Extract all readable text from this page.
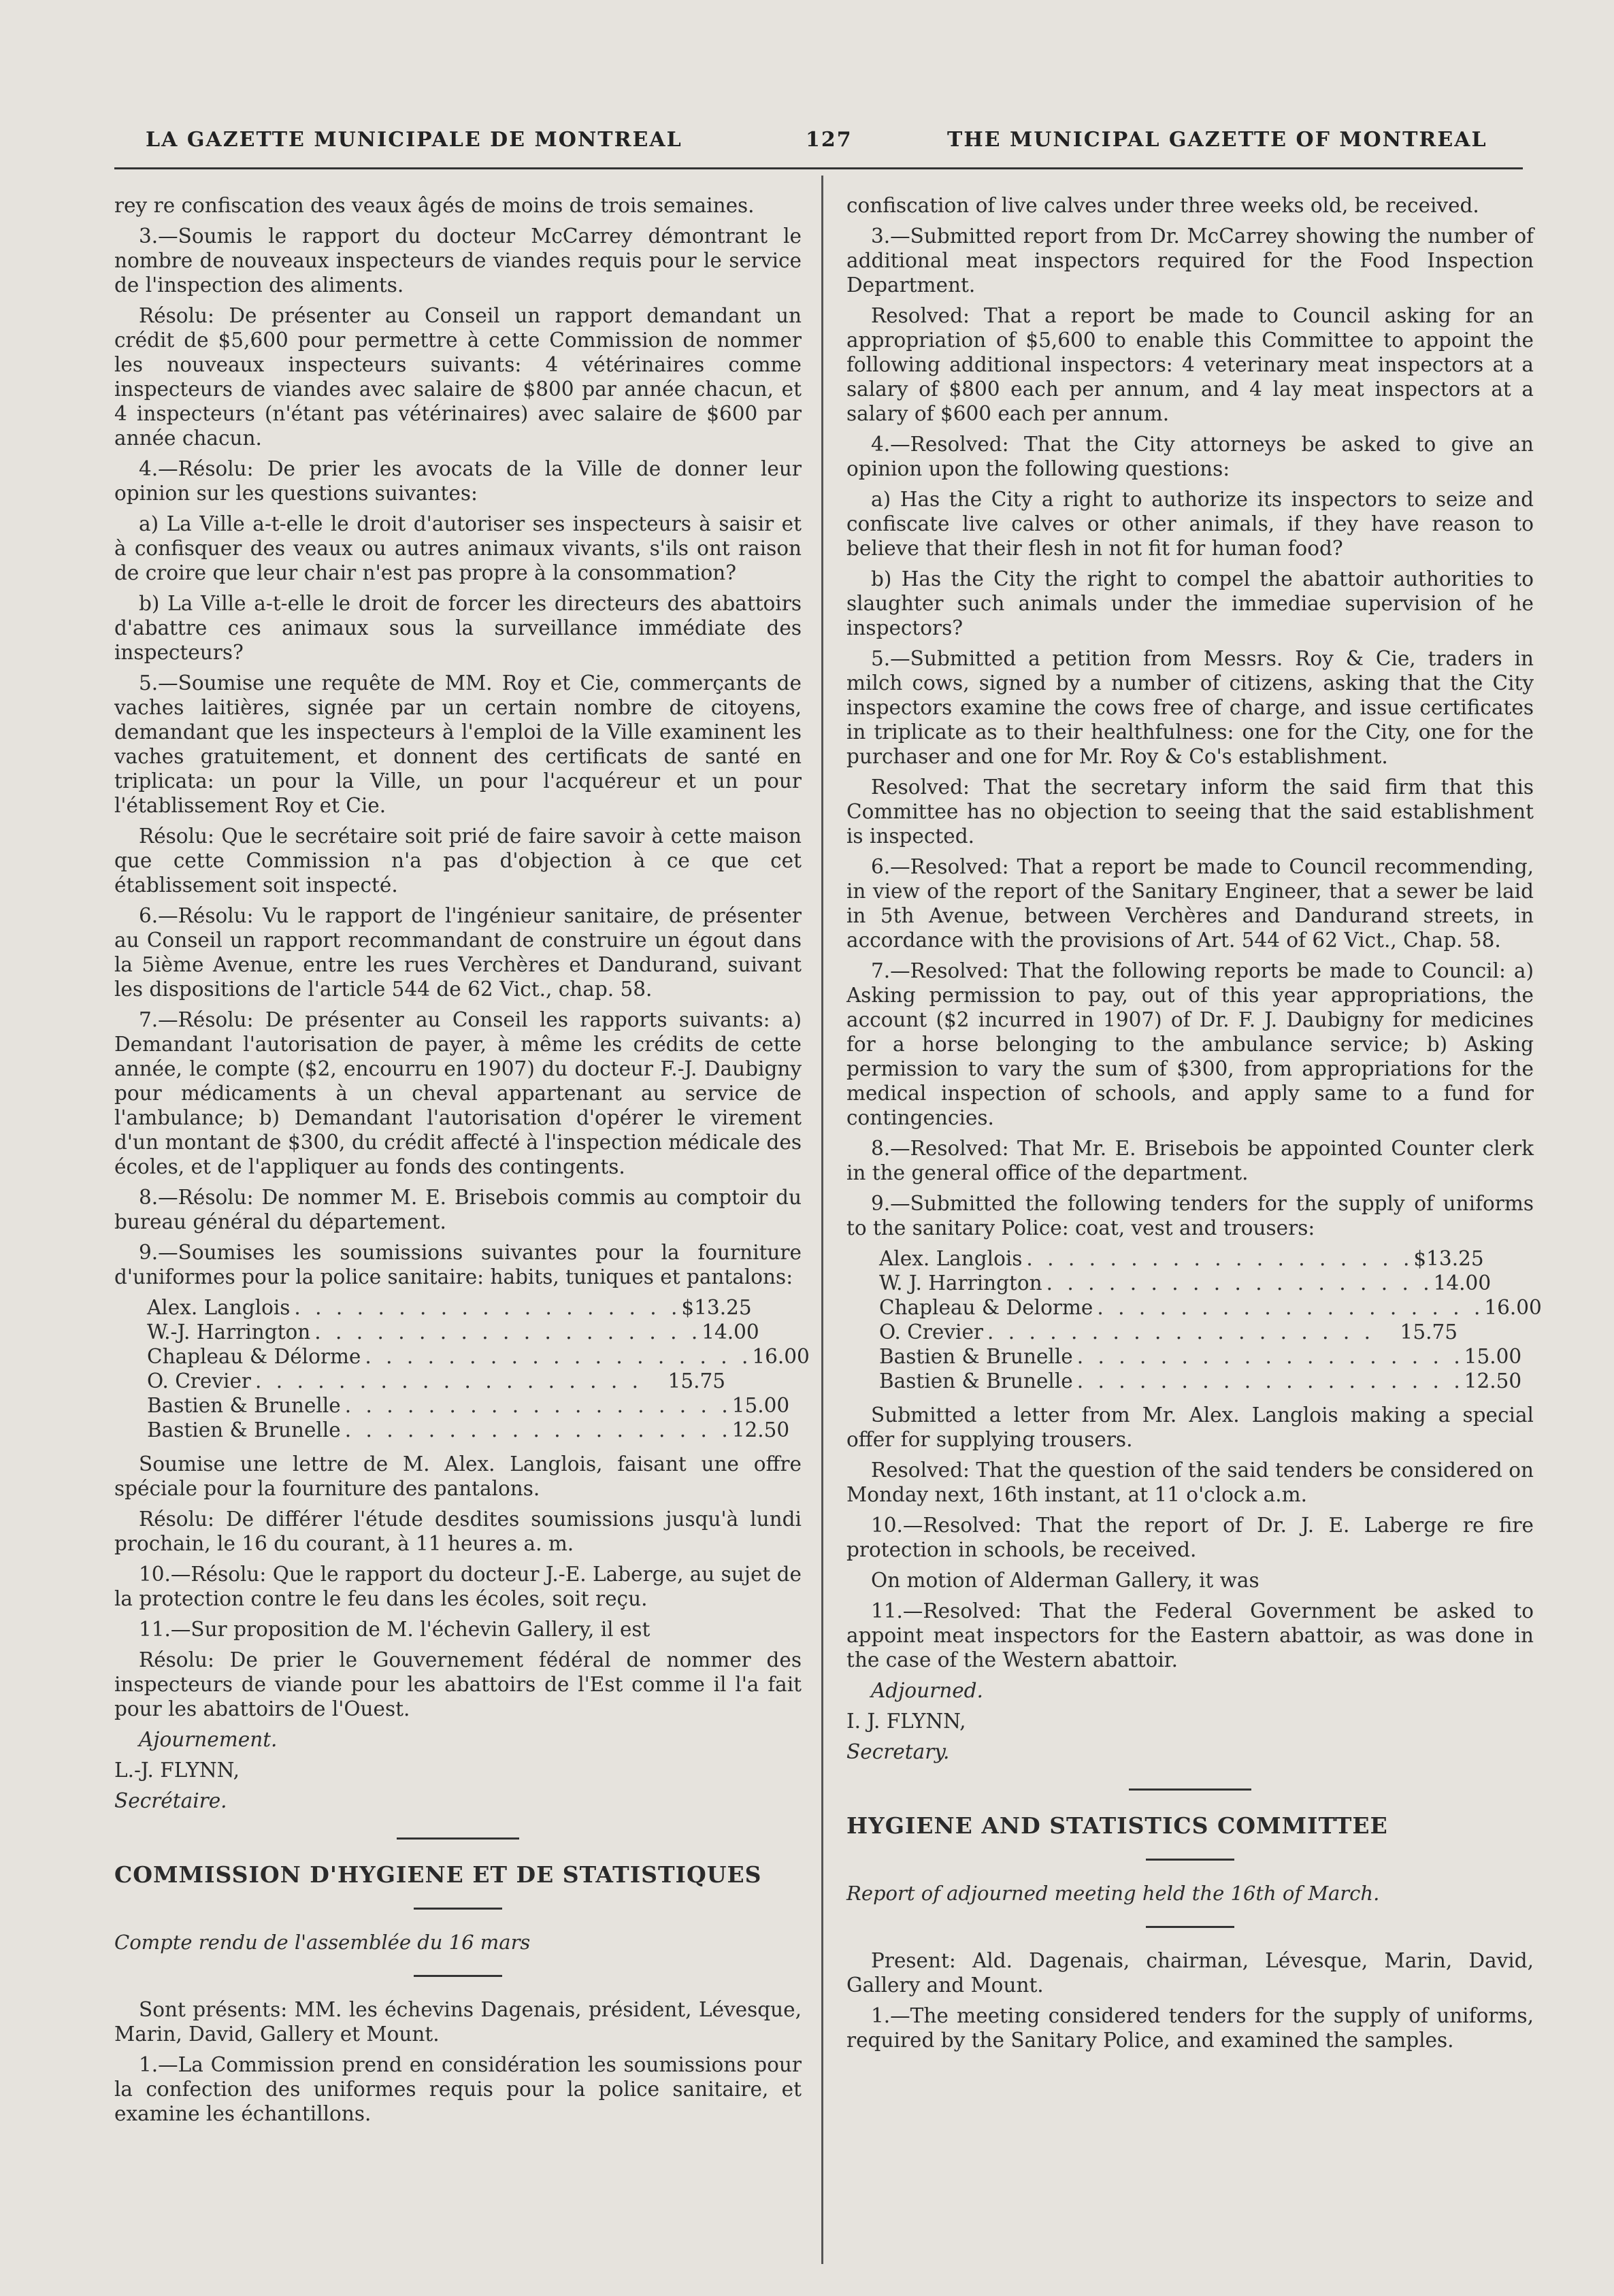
LA GAZETTE MUNICIPALE DE MONTREAL	127	THE MUNICIPAL GAZETTE OF MONTREAL

rey re confiscation des veaux âgés de moins de trois semaines.

3.—Soumis le rapport du docteur McCarrey démontrant le nombre de nouveaux inspecteurs de viandes requis pour le service de l'inspection des aliments.

Résolu: De présenter au Conseil un rapport demandant un crédit de $5,600 pour permettre à cette Commission de nommer les nouveaux inspecteurs suivants: 4 vétérinaires comme inspecteurs de viandes avec salaire de $800 par année chacun, et 4 inspecteurs (n'étant pas vétérinaires) avec salaire de $600 par année chacun.

4.—Résolu: De prier les avocats de la Ville de donner leur opinion sur les questions suivantes:

a) La Ville a-t-elle le droit d'autoriser ses inspecteurs à saisir et à confisquer des veaux ou autres animaux vivants, s'ils ont raison de croire que leur chair n'est pas propre à la consommation?

b) La Ville a-t-elle le droit de forcer les directeurs des abattoirs d'abattre ces animaux sous la surveillance immédiate des inspecteurs?

5.—Soumise une requête de MM. Roy et Cie, commerçants de vaches laitières, signée par un certain nombre de citoyens, demandant que les inspecteurs à l'emploi de la Ville examinent les vaches gratuitement, et donnent des certificats de santé en triplicata: un pour la Ville, un pour l'acquéreur et un pour l'établissement Roy et Cie.

Résolu: Que le secrétaire soit prié de faire savoir à cette maison que cette Commission n'a pas d'objection à ce que cet établissement soit inspecté.

6.—Résolu: Vu le rapport de l'ingénieur sanitaire, de présenter au Conseil un rapport recommandant de construire un égout dans la 5ième Avenue, entre les rues Verchères et Dandurand, suivant les dispositions de l'article 544 de 62 Vict., chap. 58.

7.—Résolu: De présenter au Conseil les rapports suivants: a) Demandant l'autorisation de payer, à même les crédits de cette année, le compte ($2, encourru en 1907) du docteur F.-J. Daubigny pour médicaments à un cheval appartenant au service de l'ambulance; b) Demandant l'autorisation d'opérer le virement d'un montant de $300, du crédit affecté à l'inspection médicale des écoles, et de l'appliquer au fonds des contingents.

8.—Résolu: De nommer M. E. Brisebois commis au comptoir du bureau général du département.

9.—Soumises les soumissions suivantes pour la fourniture d'uniformes pour la police sanitaire: habits, tuniques et pantalons:

Alex. Langlois . . . . . . . . . . . . . . . . . . . $13.25
W.-J. Harrington . . . . . . . . . . . . . . . . . . . 14.00
Chapleau & Délorme . . . . . . . . . . . . . . . . . . . 16.00
O. Crevier . . . . . . . . . . . . . . . . . . .	15.75
Bastien & Brunelle . . . . . . . . . . . . . . . . . . . 15.00
Bastien & Brunelle . . . . . . . . . . . . . . . . . . . 12.50

Soumise une lettre de M. Alex. Langlois, faisant une offre spéciale pour la fourniture des pantalons.

Résolu: De différer l'étude desdites soumissions jusqu'à lundi prochain, le 16 du courant, à 11 heures a. m.

10.—Résolu: Que le rapport du docteur J.-E. Laberge, au sujet de la protection contre le feu dans les écoles, soit reçu.

11.—Sur proposition de M. l'échevin Gallery, il est

Résolu: De prier le Gouvernement fédéral de nommer des inspecteurs de viande pour les abattoirs de l'Est comme il l'a fait pour les abattoirs de l'Ouest.

Ajournement.

L.-J. FLYNN,

Secrétaire.

COMMISSION D'HYGIENE ET DE STATISTIQUES

Compte rendu de l'assemblée du 16 mars

Sont présents: MM. les échevins Dagenais, président, Lévesque, Marin, David, Gallery et Mount.

1.—La Commission prend en considération les soumissions pour la confection des uniformes requis pour la police sanitaire, et examine les échantillons.

confiscation of live calves under three weeks old, be received.

3.—Submitted report from Dr. McCarrey showing the number of additional meat inspectors required for the Food Inspection Department.

Resolved: That a report be made to Council asking for an appropriation of $5,600 to enable this Committee to appoint the following additional inspectors: 4 veterinary meat inspectors at a salary of $800 each per annum, and 4 lay meat inspectors at a salary of $600 each per annum.

4.—Resolved: That the City attorneys be asked to give an opinion upon the following questions:

a) Has the City a right to authorize its inspectors to seize and confiscate live calves or other animals, if they have reason to believe that their flesh in not fit for human food?

b) Has the City the right to compel the abattoir authorities to slaughter such animals under the immediae supervision of he inspectors?

5.—Submitted a petition from Messrs. Roy & Cie, traders in milch cows, signed by a number of citizens, asking that the City inspectors examine the cows free of charge, and issue certificates in triplicate as to their healthfulness: one for the City, one for the purchaser and one for Mr. Roy & Co's establishment.

Resolved: That the secretary inform the said firm that this Committee has no objection to seeing that the said establishment is inspected.

6.—Resolved: That a report be made to Council recommending, in view of the report of the Sanitary Engineer, that a sewer be laid in 5th Avenue, between Verchères and Dandurand streets, in accordance with the provisions of Art. 544 of 62 Vict., Chap. 58.

7.—Resolved: That the following reports be made to Council: a) Asking permission to pay, out of this year appropriations, the account ($2 incurred in 1907) of Dr. F. J. Daubigny for medicines for a horse belonging to the ambulance service; b) Asking permission to vary the sum of $300, from appropriations for the medical inspection of schools, and apply same to a fund for contingencies.

8.—Resolved: That Mr. E. Brisebois be appointed Counter clerk in the general office of the department.

9.—Submitted the following tenders for the supply of uniforms to the sanitary Police: coat, vest and trousers:

Alex. Langlois . . . . . . . . . . . . . . . . . . . $13.25
W. J. Harrington . . . . . . . . . . . . . . . . . . . 14.00
Chapleau & Delorme . . . . . . . . . . . . . . . . . . . 16.00
O. Crevier . . . . . . . . . . . . . . . . . . .	15.75
Bastien & Brunelle . . . . . . . . . . . . . . . . . . . 15.00
Bastien & Brunelle . . . . . . . . . . . . . . . . . . . 12.50

Submitted a letter from Mr. Alex. Langlois making a special offer for supplying trousers.

Resolved: That the question of the said tenders be considered on Monday next, 16th instant, at 11 o'clock a.m.

10.—Resolved: That the report of Dr. J. E. Laberge re fire protection in schools, be received.

On motion of Alderman Gallery, it was

11.—Resolved: That the Federal Government be asked to appoint meat inspectors for the Eastern abattoir, as was done in the case of the Western abattoir.

Adjourned.

I. J. FLYNN,

Secretary.

HYGIENE AND STATISTICS COMMITTEE

Report of adjourned meeting held the 16th of March.

Present: Ald. Dagenais, chairman, Lévesque, Marin, David, Gallery and Mount.

1.—The meeting considered tenders for the supply of uniforms, required by the Sanitary Police, and examined the samples.
